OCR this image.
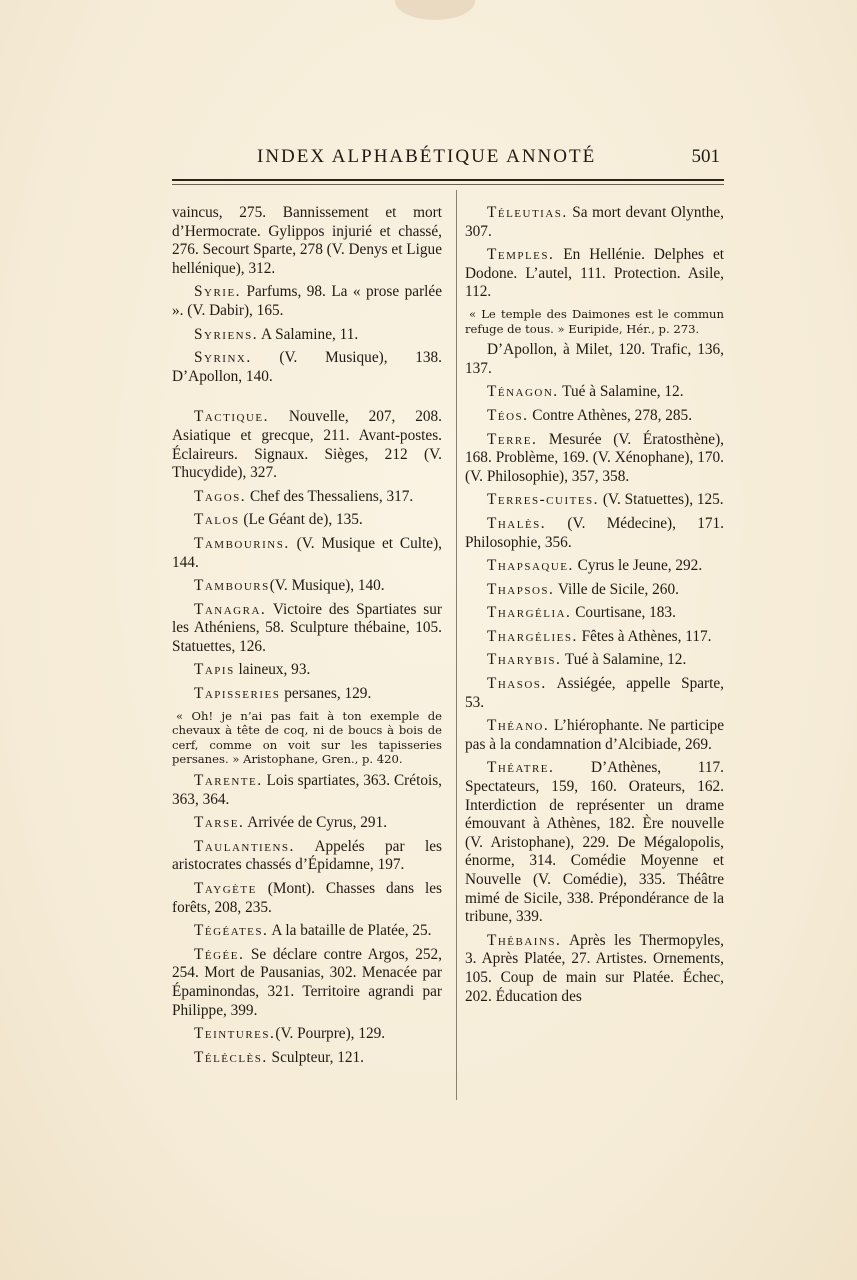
INDEX ALPHABÉTIQUE ANNOTÉ	501

vaincus, 275. Bannissement et mort d’Hermocrate. Gylippos injurié et chassé, 276. Secourt Sparte, 278 (V. Denys et Ligue hellénique), 312.

Syrie. Parfums, 98. La « prose parlée ». (V. Dabir), 165.

Syriens. A Salamine, 11.

Syrinx. (V. Musique), 138. D’Apollon, 140.

Tactique. Nouvelle, 207, 208. Asiatique et grecque, 211. Avant-postes. Éclaireurs. Signaux. Sièges, 212 (V. Thucydide), 327.

Tagos. Chef des Thessaliens, 317.

Talos (Le Géant de), 135.

Tambourins. (V. Musique et Culte), 144.

Tambours(V. Musique), 140.

Tanagra. Victoire des Spartiates sur les Athéniens, 58. Sculpture thébaine, 105. Statuettes, 126.

Tapis laineux, 93.

Tapisseries persanes, 129.

« Oh! je n’ai pas fait à ton exemple de chevaux à tête de coq, ni de boucs à bois de cerf, comme on voit sur les tapisseries persanes. » Aristophane, Gren., p. 420.

Tarente. Lois spartiates, 363. Crétois, 363, 364.

Tarse. Arrivée de Cyrus, 291.

Taulantiens. Appelés par les aristocrates chassés d’Épidamne, 197.

Taygète (Mont). Chasses dans les forêts, 208, 235.

Tégéates. A la bataille de Platée, 25.

Tégée. Se déclare contre Argos, 252, 254. Mort de Pausanias, 302. Menacée par Épaminondas, 321. Territoire agrandi par Philippe, 399.

Teintures.(V. Pourpre), 129.

Téléclès. Sculpteur, 121.

Téleutias. Sa mort devant Olynthe, 307.

Temples. En Hellénie. Delphes et Dodone. L’autel, 111. Protection. Asile, 112.

« Le temple des Daimones est le commun refuge de tous. » Euripide, Hér., p. 273.

D’Apollon, à Milet, 120. Trafic, 136, 137.

Ténagon. Tué à Salamine, 12.

Téos. Contre Athènes, 278, 285.

Terre. Mesurée (V. Ératosthène), 168. Problème, 169. (V. Xénophane), 170. (V. Philosophie), 357, 358.

Terres-cuites. (V. Statuettes), 125.

Thalès. (V. Médecine), 171. Philosophie, 356.

Thapsaque. Cyrus le Jeune, 292.

Thapsos. Ville de Sicile, 260.

Thargélia. Courtisane, 183.

Thargélies. Fêtes à Athènes, 117.

Tharybis. Tué à Salamine, 12.

Thasos. Assiégée, appelle Sparte, 53.

Théano. L’hiérophante. Ne participe pas à la condamnation d’Alcibiade, 269.

Théatre. D’Athènes, 117. Spectateurs, 159, 160. Orateurs, 162. Interdiction de représenter un drame émouvant à Athènes, 182. Ère nouvelle (V. Aristophane), 229. De Mégalopolis, énorme, 314. Comédie Moyenne et Nouvelle (V. Comédie), 335. Théâtre mimé de Sicile, 338. Prépondérance de la tribune, 339.

Thébains. Après les Thermopyles, 3. Après Platée, 27. Artistes. Ornements, 105. Coup de main sur Platée. Échec, 202. Éducation des
